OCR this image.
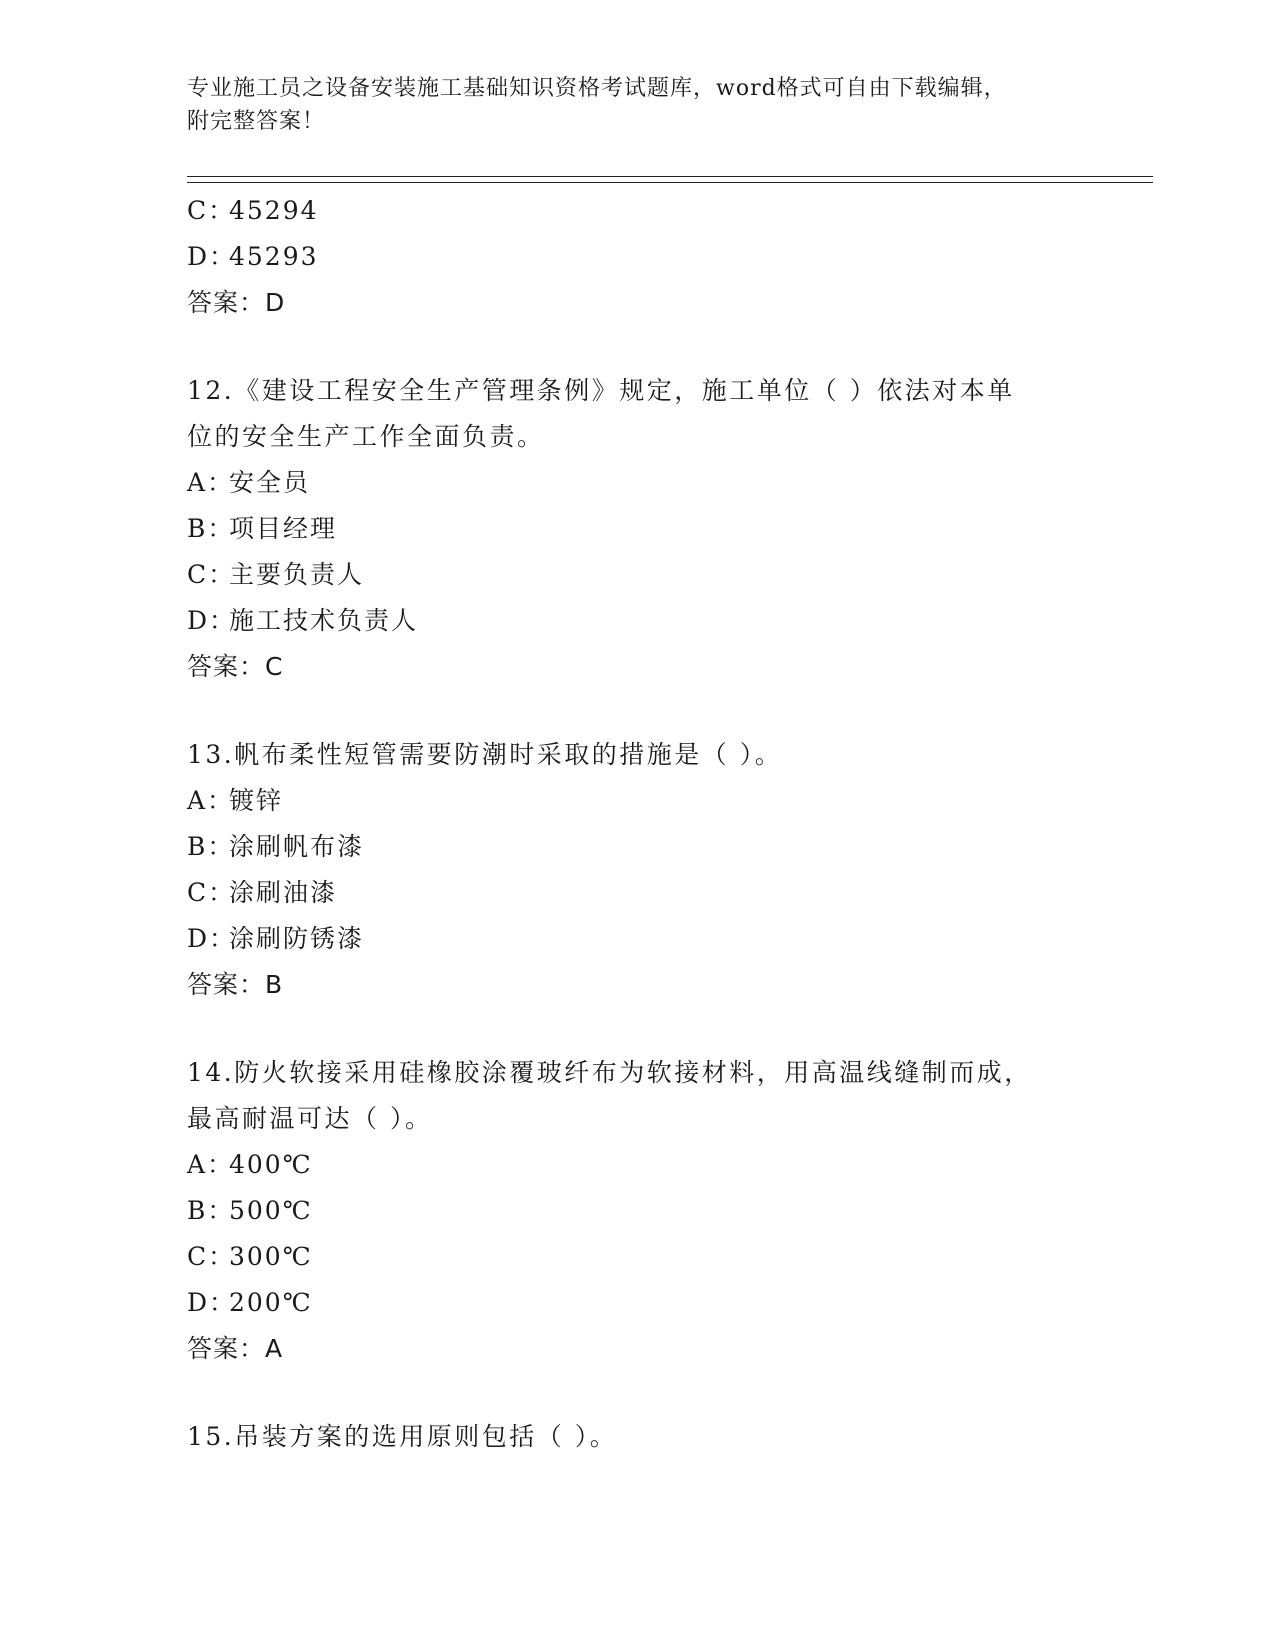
专业施工员之设备安装施工基础知识资格考试题库，word格式可自由下载编辑，
附完整答案！
C：45294
D：45293
答案：D
12.《建设工程安全生产管理条例》规定，施工单位（ ）依法对本单
位的安全生产工作全面负责。
A：安全员
B：项目经理
C：主要负责人
D：施工技术负责人
答案：C
13.帆布柔性短管需要防潮时采取的措施是（ ）。
A：镀锌
B：涂刷帆布漆
C：涂刷油漆
D：涂刷防锈漆
答案：B
14.防火软接采用硅橡胶涂覆玻纤布为软接材料，用高温线缝制而成，
最高耐温可达（ ）。
A：400℃
B：500℃
C：300℃
D：200℃
答案：A
15.吊装方案的选用原则包括（ ）。
